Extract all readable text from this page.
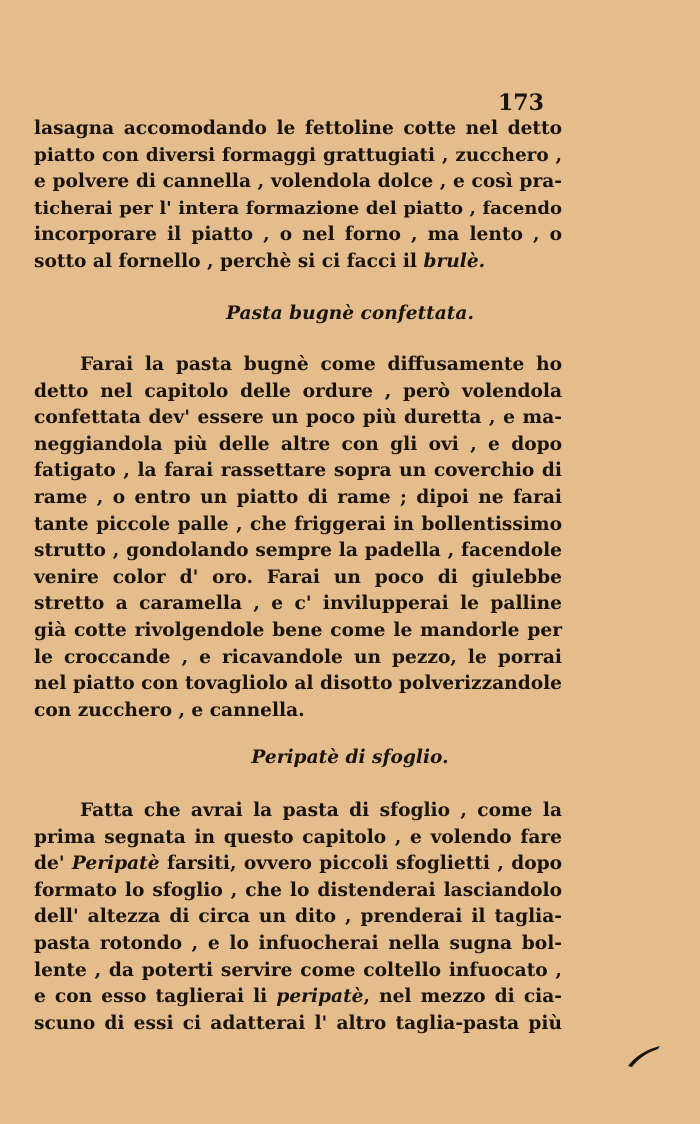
173
lasagna accomodando le fettoline cotte nel detto
piatto con diversi formaggi grattugiati , zucchero ,
e polvere di cannella , volendola dolce , e così pra-
ticherai per l' intera formazione del piatto , facendo
incorporare il piatto , o nel forno , ma lento , o
sotto al fornello , perchè si ci facci il brulè.
Pasta bugnè confettata.
Farai la pasta bugnè come diffusamente ho
detto nel capitolo delle ordure , però volendola
confettata dev' essere un poco più duretta , e ma-
neggiandola più delle altre con gli ovi , e dopo
fatigato , la farai rassettare sopra un coverchio di
rame , o entro un piatto di rame ; dipoi ne farai
tante piccole palle , che friggerai in bollentissimo
strutto , gondolando sempre la padella , facendole
venire color d' oro. Farai un poco di giulebbe
stretto a caramella , e c' invilupperai le palline
già cotte rivolgendole bene come le mandorle per
le croccande , e ricavandole un pezzo, le porrai
nel piatto con tovagliolo al disotto polverizzandole
con zucchero , e cannella.
Peripatè di sfoglio.
Fatta che avrai la pasta di sfoglio , come la
prima segnata in questo capitolo , e volendo fare
de' Peripatè farsiti, ovvero piccoli sfoglietti , dopo
formato lo sfoglio , che lo distenderai lasciandolo
dell' altezza di circa un dito , prenderai il taglia-
pasta rotondo , e lo infuocherai nella sugna bol-
lente , da poterti servire come coltello infuocato ,
e con esso taglierai li peripatè, nel mezzo di cia-
scuno di essi ci adatterai l' altro taglia-pasta più
